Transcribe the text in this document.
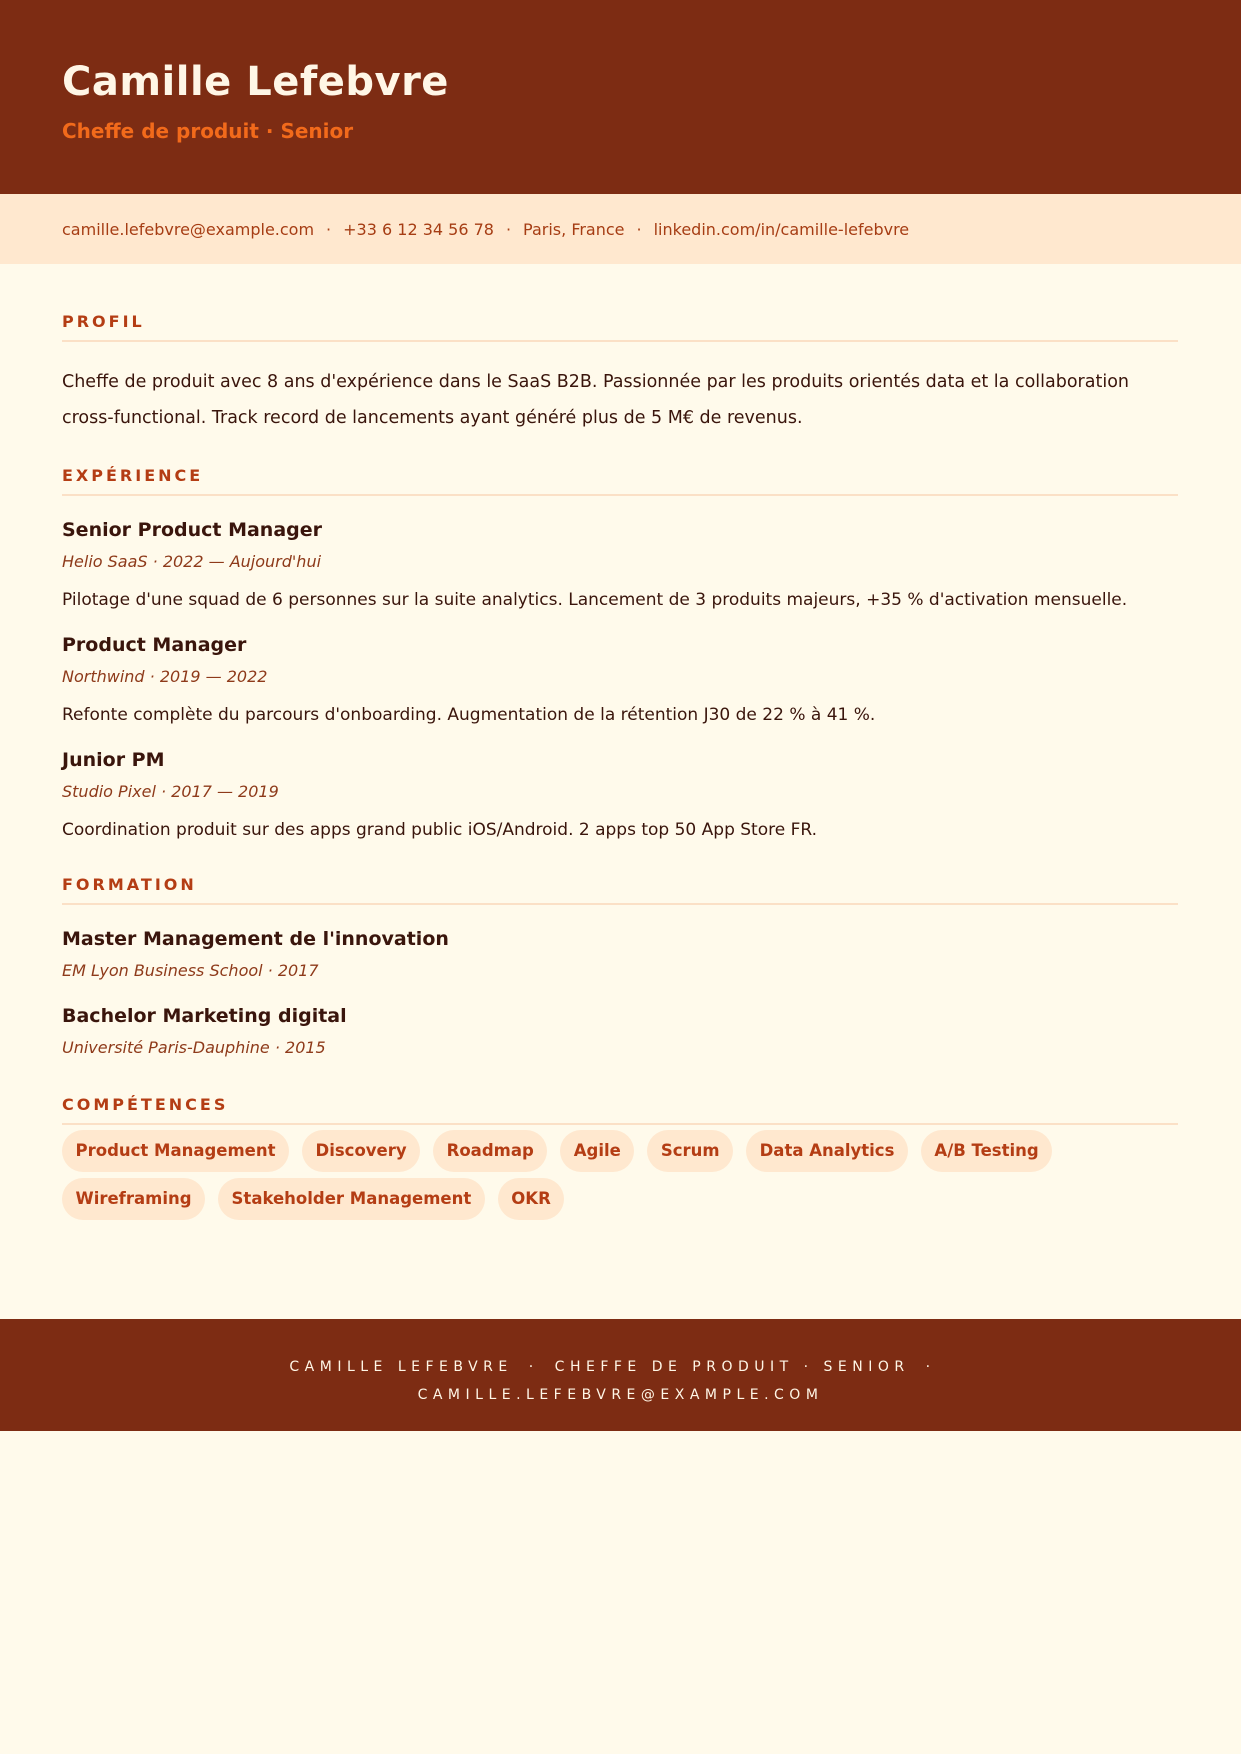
Camille Lefebvre
Cheffe de produit · Senior
camille.lefebvre@example.com · +33 6 12 34 56 78 · Paris, France · linkedin.com/in/camille-lefebvre
PROFIL

Cheffe de produit avec 8 ans d'expérience dans le SaaS B2B. Passionnée par les produits orientés data et la collaboration cross-functional. Track record de lancements ayant généré plus de 5 M€ de revenus.

EXPÉRIENCE
Senior Product Manager
Helio SaaS · 2022 — Aujourd'hui
Pilotage d'une squad de 6 personnes sur la suite analytics. Lancement de 3 produits majeurs, +35 % d'activation mensuelle.
Product Manager
Northwind · 2019 — 2022
Refonte complète du parcours d'onboarding. Augmentation de la rétention J30 de 22 % à 41 %.
Junior PM
Studio Pixel · 2017 — 2019
Coordination produit sur des apps grand public iOS/Android. 2 apps top 50 App Store FR.
FORMATION
Master Management de l'innovation
EM Lyon Business School · 2017
Bachelor Marketing digital
Université Paris-Dauphine · 2015
COMPÉTENCES
Product Management	Discovery	Roadmap	Agile	Scrum	Data Analytics	A/B Testing
Wireframing	Stakeholder Management	OKR
CAMILLE LEFEBVRE · CHEFFE DE PRODUIT · SENIOR ·
CAMILLE.LEFEBVRE@EXAMPLE.COM
